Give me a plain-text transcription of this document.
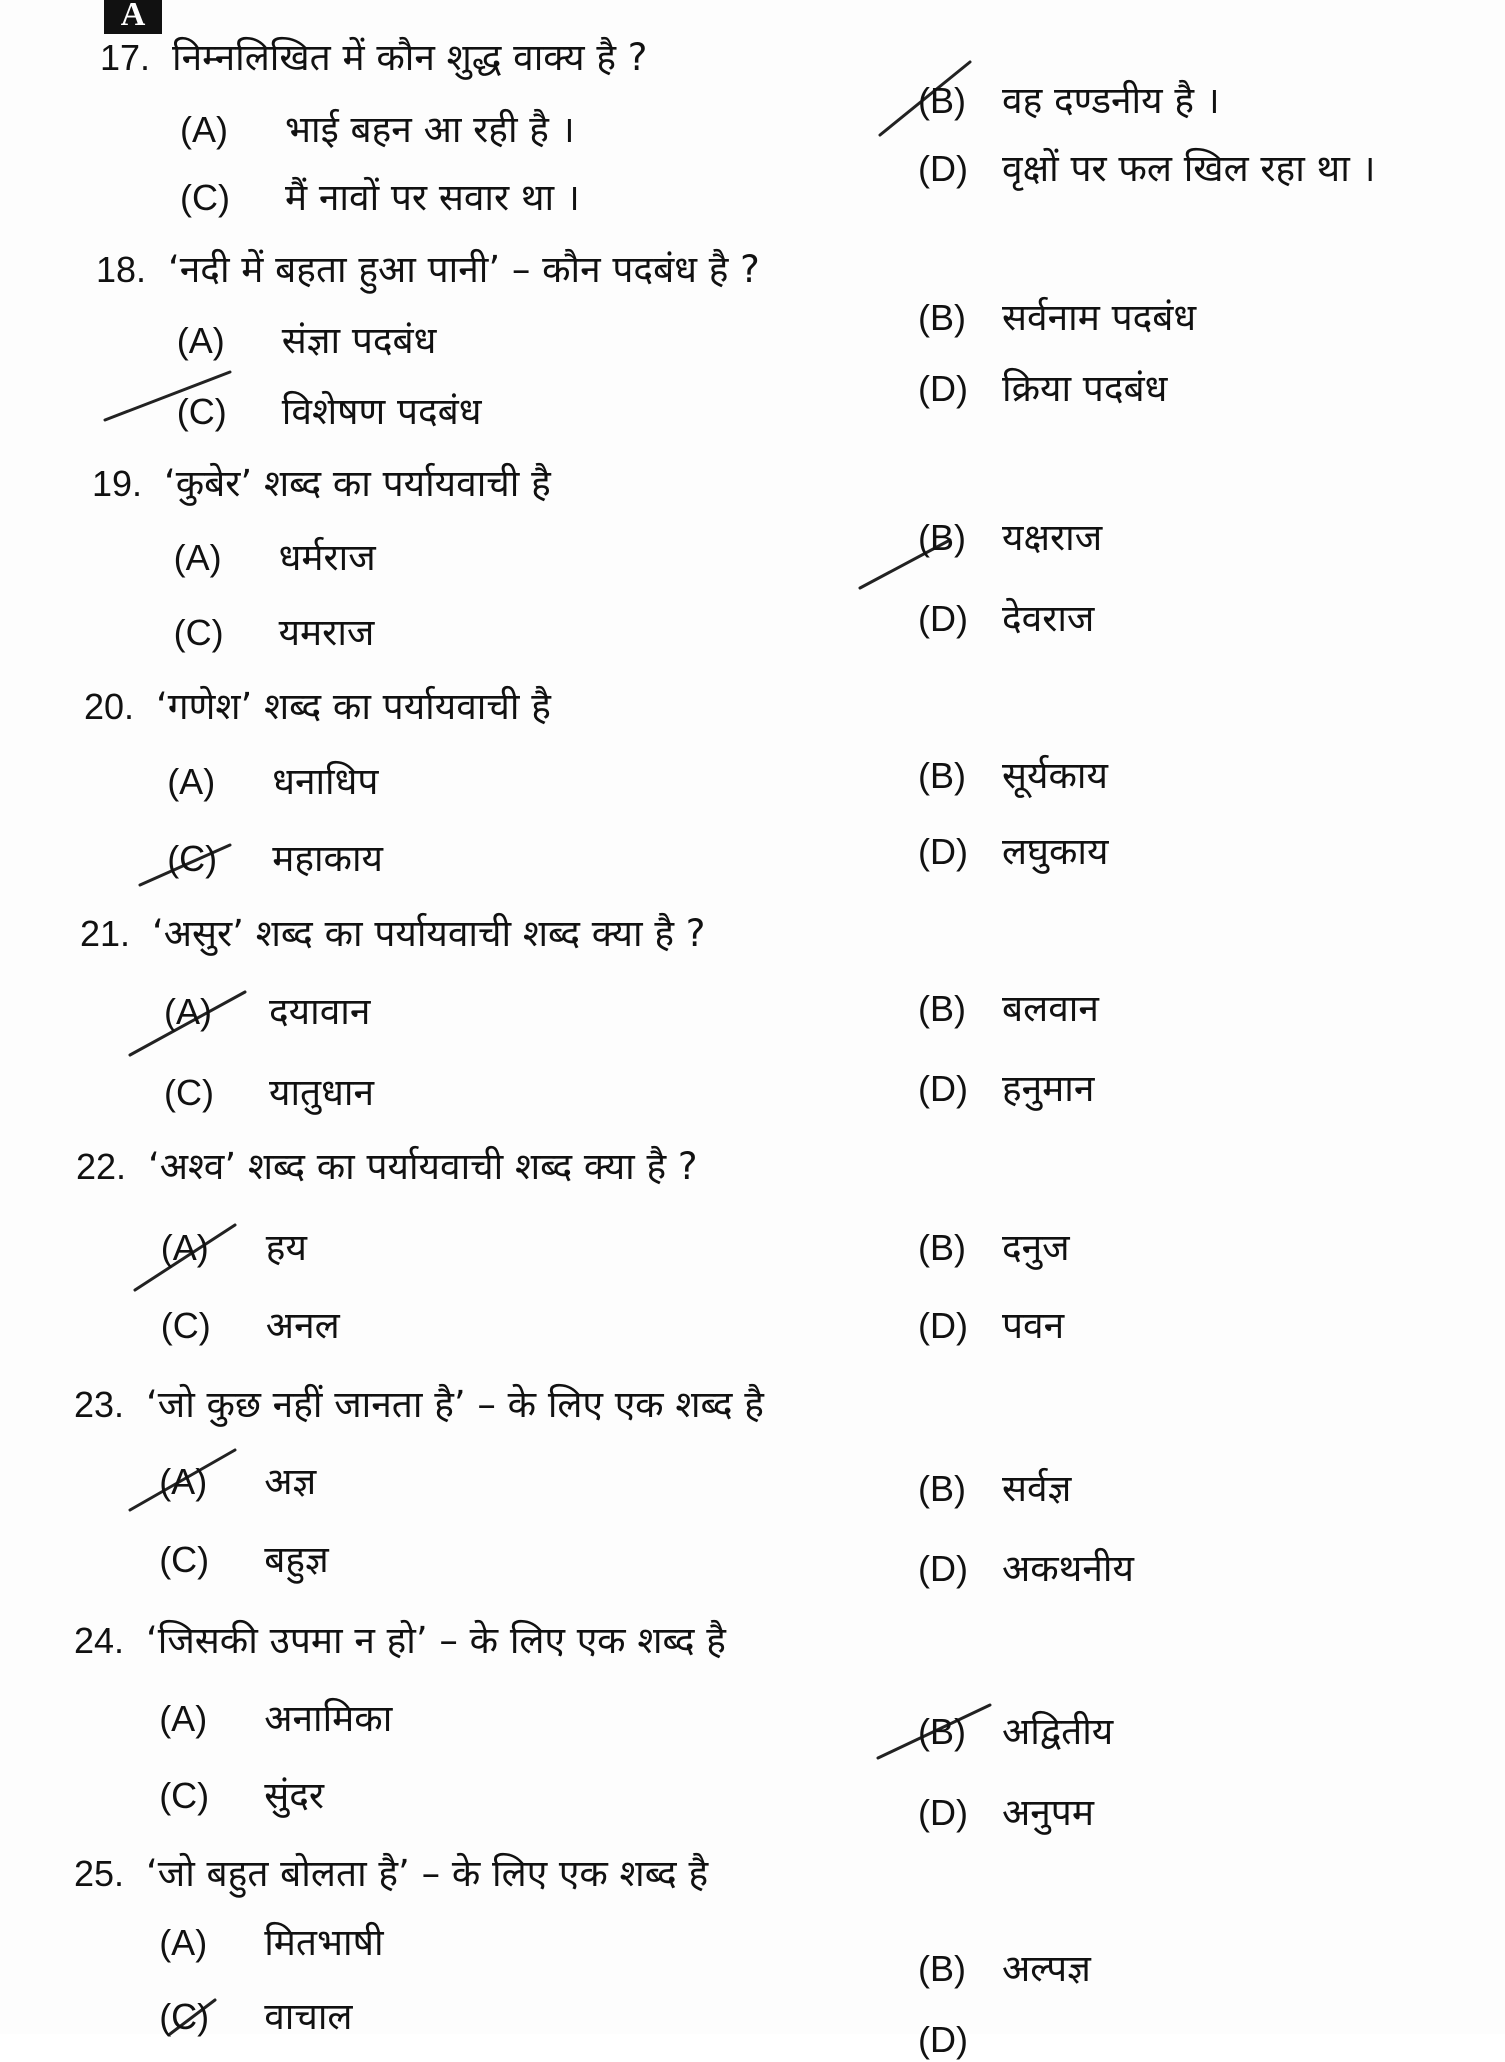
A
17. निम्नलिखित में कौन शुद्ध वाक्य है ?
(A) भाई बहन आ रही है ।
(B) वह दण्डनीय है ।
(C) मैं नावों पर सवार था ।
(D) वृक्षों पर फल खिल रहा था ।
18. ‘नदी में बहता हुआ पानी’ – कौन पदबंध है ?
(A) संज्ञा पदबंध
(B) सर्वनाम पदबंध
(C) विशेषण पदबंध
(D) क्रिया पदबंध
19. ‘कुबेर’ शब्द का पर्यायवाची है
(A) धर्मराज	(B) यक्षराज
(C) यमराज	(D) देवराज
20. ‘गणेश’ शब्द का पर्यायवाची है
(A) धनाधिप	(B) सूर्यकाय
(C) महाकाय	(D) लघुकाय
21. ‘असुर’ शब्द का पर्यायवाची शब्द क्या है ?
(A) दयावान	(B) बलवान
(C) यातुधान	(D) हनुमान
22. ‘अश्व’ शब्द का पर्यायवाची शब्द क्या है ?
(A) हय	(B) दनुज
(C) अनल	(D) पवन
23. ‘जो कुछ नहीं जानता है’ – के लिए एक शब्द है
(A) अज्ञ	(B) सर्वज्ञ
(C) बहुज्ञ	(D) अकथनीय
24. ‘जिसकी उपमा न हो’ – के लिए एक शब्द है
(A) अनामिका	(B) अद्वितीय
(C) सुंदर	(D) अनुपम
25. ‘जो बहुत बोलता है’ – के लिए एक शब्द है
(A) मितभाषी
(B) अल्पज्ञ
(C) वाचाल
(D)
